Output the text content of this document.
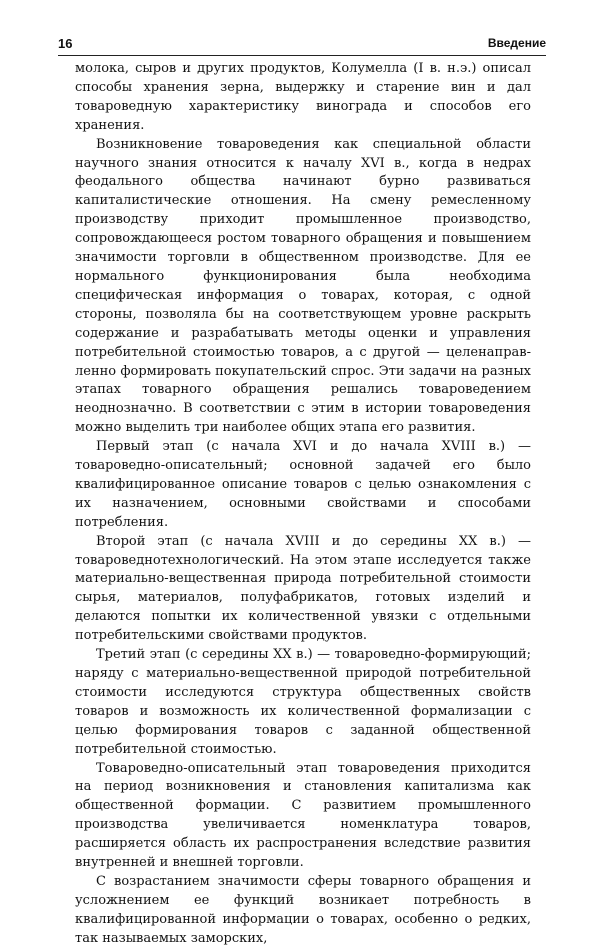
16	Введение

молока, сыров и других продуктов, Колумелла (I в. н.э.) описал способы хранения зерна, выдержку и старение вин и дал товароведную характеристику винограда и способов его хранения.

Возникновение товароведения как специальной области научного знания относится к началу XVI в., когда в недрах феодального общества начинают бурно развиваться капиталистические отношения. На смену ремесленному производству приходит промышленное производство, сопровождающееся ростом товарного обращения и повышением значимости торговли в общественном производстве. Для ее нормального функционирования была необходима специфическая информация о товарах, которая, с одной стороны, позволяла бы на соответствующем уровне раскрыть содержание и разрабатывать методы оценки и управления потребительной стоимостью товаров, а с другой — целенаправленно формировать покупательский спрос. Эти задачи на разных этапах товарного обращения решались товароведением неоднозначно. В соответствии с этим в истории товароведения можно выделить три наиболее общих этапа его развития.

Первый этап (с начала XVI и до начала XVIII в.) — товароведно-описательный; основной задачей его было квалифицированное описание товаров с целью ознакомления с их назначением, основными свойствами и способами потребления.

Второй этап (с начала XVIII и до середины XX в.) — товароведнотехнологический. На этом этапе исследуется также материально-вещественная природа потребительной стоимости сырья, материалов, полуфабрикатов, готовых изделий и делаются попытки их количественной увязки с отдельными потребительскими свойствами продуктов.

Третий этап (с середины XX в.) — товароведно-формирующий; наряду с материально-вещественной природой потребительной стоимости исследуются структура общественных свойств товаров и возможность их количественной формализации с целью формирования товаров с заданной общественной потребительной стоимостью.

Товароведно-описательный этап товароведения приходится на период возникновения и становления капитализма как общественной формации. С развитием промышленного производства увеличивается номенклатура товаров, расширяется область их распространения вследствие развития внутренней и внешней торговли.

С возрастанием значимости сферы товарного обращения и усложнением ее функций возникает потребность в квалифицированной информации о товарах, особенно о редких, так называемых заморских,
